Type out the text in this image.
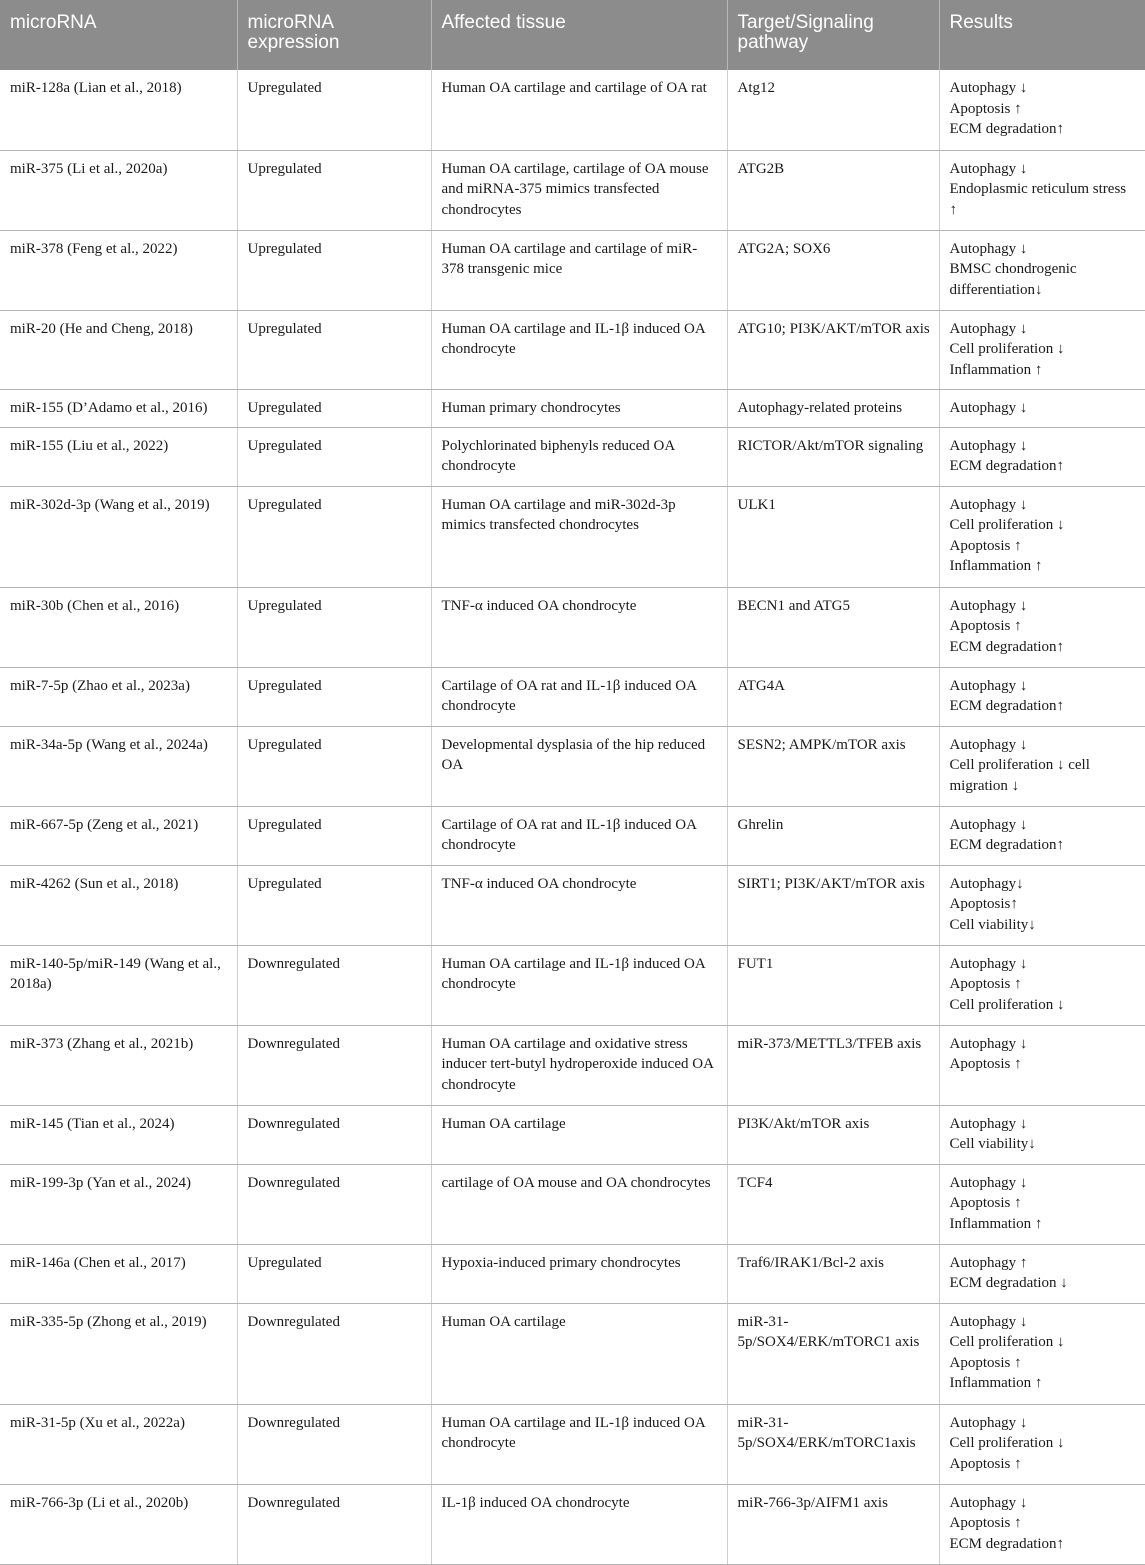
microRNA	microRNA expression	Affected tissue	Target/Signaling pathway	Results
miR-128a (Lian et al., 2018)	Upregulated	Human OA cartilage and cartilage of OA rat	Atg12	Autophagy ↓
Apoptosis ↑
ECM degradation↑

miR-375 (Li et al., 2020a)	Upregulated	Human OA cartilage, cartilage of OA mouse and miRNA-375 mimics transfected chondrocytes	ATG2B	Autophagy ↓
Endoplasmic reticulum stress ↑

miR-378 (Feng et al., 2022)	Upregulated	Human OA cartilage and cartilage of miR-378 transgenic mice	ATG2A; SOX6	Autophagy ↓
BMSC chondrogenic differentiation↓

miR-20 (He and Cheng, 2018)	Upregulated	Human OA cartilage and IL-1β induced OA chondrocyte	ATG10; PI3K/AKT/mTOR axis	Autophagy ↓
Cell proliferation ↓
Inflammation ↑

miR-155 (D’Adamo et al., 2016)	Upregulated	Human primary chondrocytes	Autophagy-related proteins	Autophagy ↓

miR-155 (Liu et al., 2022)	Upregulated	Polychlorinated biphenyls reduced OA chondrocyte	RICTOR/Akt/mTOR signaling	Autophagy ↓
ECM degradation↑

miR-302d-3p (Wang et al., 2019)	Upregulated	Human OA cartilage and miR-302d-3p mimics transfected chondrocytes	ULK1	Autophagy ↓
Cell proliferation ↓
Apoptosis ↑
Inflammation ↑

miR-30b (Chen et al., 2016)	Upregulated	TNF-α induced OA chondrocyte	BECN1 and ATG5	Autophagy ↓
Apoptosis ↑
ECM degradation↑

miR-7-5p (Zhao et al., 2023a)	Upregulated	Cartilage of OA rat and IL-1β induced OA chondrocyte	ATG4A	Autophagy ↓
ECM degradation↑

miR-34a-5p (Wang et al., 2024a)	Upregulated	Developmental dysplasia of the hip reduced OA	SESN2; AMPK/mTOR axis	Autophagy ↓
Cell proliferation ↓ cell migration ↓

miR-667-5p (Zeng et al., 2021)	Upregulated	Cartilage of OA rat and IL-1β induced OA chondrocyte	Ghrelin	Autophagy ↓
ECM degradation↑

miR-4262 (Sun et al., 2018)	Upregulated	TNF-α induced OA chondrocyte	SIRT1; PI3K/AKT/mTOR axis	Autophagy↓
Apoptosis↑
Cell viability↓

miR-140-5p/miR-149 (Wang et al., 2018a)	Downregulated	Human OA cartilage and IL-1β induced OA chondrocyte	FUT1	Autophagy ↓
Apoptosis ↑
Cell proliferation ↓

miR-373 (Zhang et al., 2021b)	Downregulated	Human OA cartilage and oxidative stress inducer tert-butyl hydroperoxide induced OA chondrocyte	miR-373/METTL3/TFEB axis	Autophagy ↓
Apoptosis ↑

miR-145 (Tian et al., 2024)	Downregulated	Human OA cartilage	PI3K/Akt/mTOR axis	Autophagy ↓
Cell viability↓

miR-199-3p (Yan et al., 2024)	Downregulated	cartilage of OA mouse and OA chondrocytes	TCF4	Autophagy ↓
Apoptosis ↑
Inflammation ↑

miR-146a (Chen et al., 2017)	Upregulated	Hypoxia-induced primary chondrocytes	Traf6/IRAK1/Bcl-2 axis	Autophagy ↑
ECM degradation ↓

miR-335-5p (Zhong et al., 2019)	Downregulated	Human OA cartilage	miR-31-5p/SOX4/ERK/mTORC1 axis	Autophagy ↓
Cell proliferation ↓
Apoptosis ↑
Inflammation ↑

miR-31-5p (Xu et al., 2022a)	Downregulated	Human OA cartilage and IL-1β induced OA chondrocyte	miR-31-5p/SOX4/ERK/mTORC1axis	Autophagy ↓
Cell proliferation ↓
Apoptosis ↑

miR-766-3p (Li et al., 2020b)	Downregulated	IL-1β induced OA chondrocyte	miR-766-3p/AIFM1 axis	Autophagy ↓
Apoptosis ↑
ECM degradation↑
